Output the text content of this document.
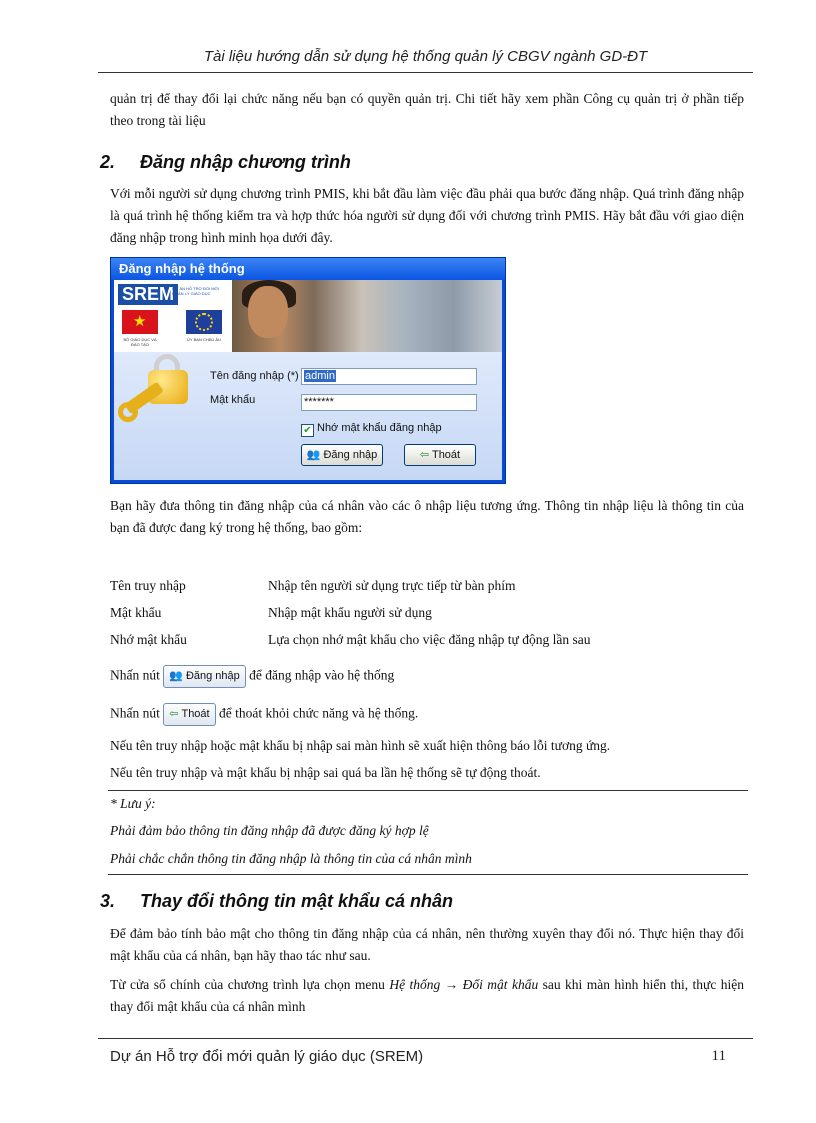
Tài liệu hướng dẫn sử dụng hệ thống quản lý CBGV ngành GD-ĐT
quản trị để thay đổi lại chức năng nếu bạn có quyền quản trị. Chi tiết hãy xem phần Công cụ quản trị ở phần tiếp theo trong tài liệu
2. Đăng nhập chương trình
Với mỗi người sử dụng chương trình PMIS, khi bắt đầu làm việc đầu phải qua bước đăng nhập. Quá trình đăng nhập là quá trình hệ thống kiểm tra và hợp thức hóa người sử dụng đối với chương trình PMIS. Hãy bắt đầu với giao diện đăng nhập trong hình minh họa dưới đây.
Đăng nhập hệ thống
SREM
DỰ ÁN HỖ TRỢ ĐỔI MỚI QUẢN LÝ GIÁO DỤC
★
BỘ GIÁO DỤC VÀ ĐÀO TẠO
ỦY BAN CHÂU ÂU
Tên đăng nhập (*) admin
Mật khẩu	*******
✔ Nhớ mật khẩu đăng nhập
👥 Đăng nhập	⇦ Thoát
Bạn hãy đưa thông tin đăng nhập của cá nhân vào các ô nhập liệu tương ứng. Thông tin nhập liệu là thông tin của bạn đã được đang ký trong hệ thống, bao gồm:
Tên truy nhập	Nhập tên người sử dụng trực tiếp từ bàn phím
Mật khẩu	Nhập mật khẩu người sử dụng
Nhớ mật khẩu	Lựa chọn nhớ mật khẩu cho việc đăng nhập tự động lần sau
Nhấn nút 👥 Đăng nhập để đăng nhập vào hệ thống
Nhấn nút ⇦ Thoát để thoát khỏi chức năng và hệ thống.
Nếu tên truy nhập hoặc mật khẩu bị nhập sai màn hình sẽ xuất hiện thông báo lỗi tương ứng.
Nếu tên truy nhập và mật khẩu bị nhập sai quá ba lần hệ thống sẽ tự động thoát.
* Lưu ý:
Phải đảm bảo thông tin đăng nhập đã được đăng ký hợp lệ
Phải chắc chắn thông tin đăng nhập là thông tin của cá nhân mình
3. Thay đổi thông tin mật khẩu cá nhân
Để đảm bảo tính bảo mật cho thông tin đăng nhập của cá nhân, nên thường xuyên thay đổi nó. Thực hiện thay đổi mật khẩu của cá nhân, bạn hãy thao tác như sau.
Từ cửa sổ chính của chương trình lựa chọn menu Hệ thống → Đổi mật khẩu sau khi màn hình hiển thi, thực hiện thay đổi mật khẩu của cá nhân mình
Dự án Hỗ trợ đổi mới quản lý giáo dục (SREM)	11
